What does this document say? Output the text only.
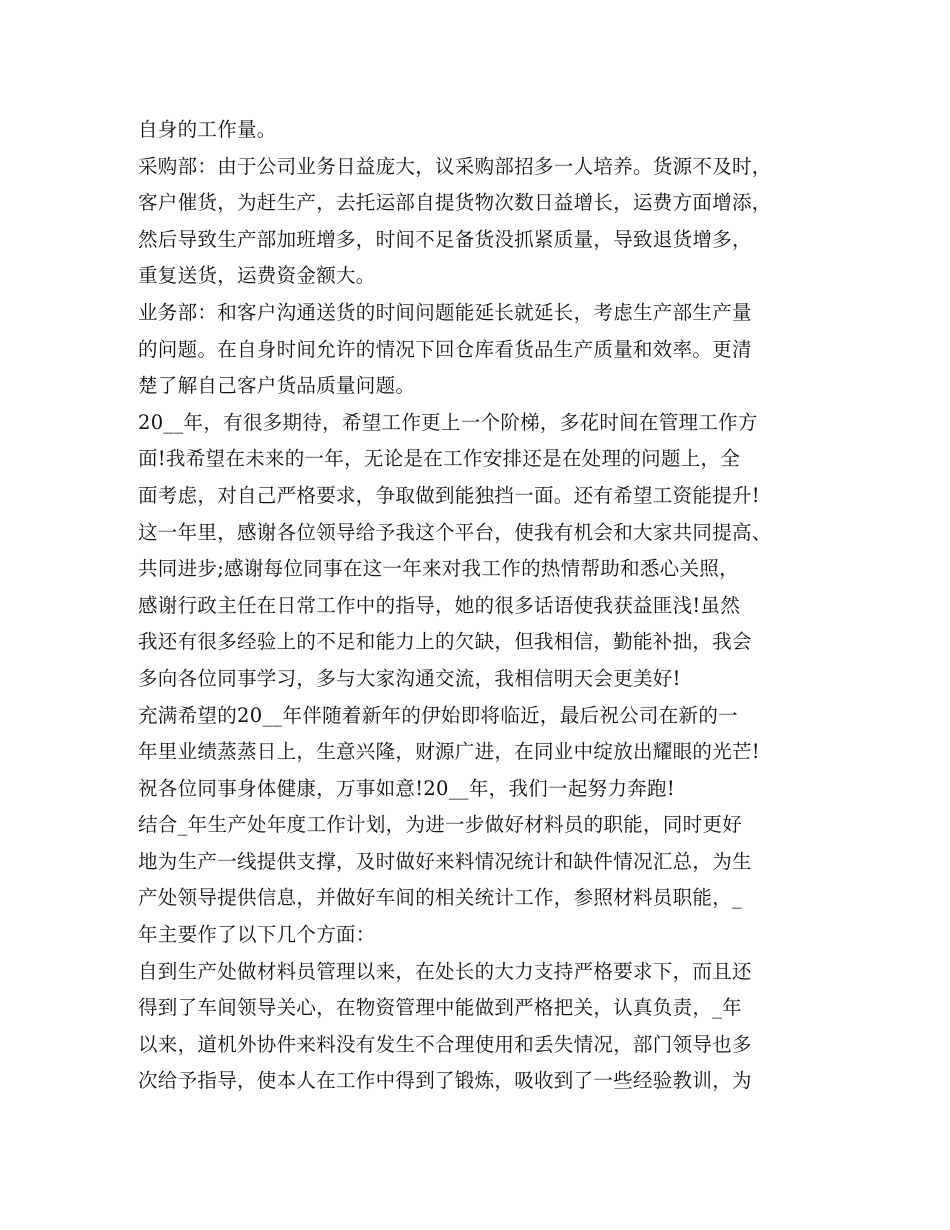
自身的工作量。
采购部：由于公司业务日益庞大，议采购部招多一人培养。货源不及时，
客户催货，为赶生产，去托运部自提货物次数日益增长，运费方面增添，
然后导致生产部加班增多，时间不足备货没抓紧质量，导致退货增多，
重复送货，运费资金额大。
业务部：和客户沟通送货的时间问题能延长就延长，考虑生产部生产量
的问题。在自身时间允许的情况下回仓库看货品生产质量和效率。更清
楚了解自己客户货品质量问题。
20__年，有很多期待，希望工作更上一个阶梯，多花时间在管理工作方
面!我希望在未来的一年，无论是在工作安排还是在处理的问题上，全
面考虑，对自己严格要求，争取做到能独挡一面。还有希望工资能提升!
这一年里，感谢各位领导给予我这个平台，使我有机会和大家共同提高、
共同进步;感谢每位同事在这一年来对我工作的热情帮助和悉心关照，
感谢行政主任在日常工作中的指导，她的很多话语使我获益匪浅!虽然
我还有很多经验上的不足和能力上的欠缺，但我相信，勤能补拙，我会
多向各位同事学习，多与大家沟通交流，我相信明天会更美好!
充满希望的20__年伴随着新年的伊始即将临近，最后祝公司在新的一
年里业绩蒸蒸日上，生意兴隆，财源广进，在同业中绽放出耀眼的光芒!
祝各位同事身体健康，万事如意!20__年，我们一起努力奔跑!
结合_年生产处年度工作计划，为进一步做好材料员的职能，同时更好
地为生产一线提供支撑，及时做好来料情况统计和缺件情况汇总，为生
产处领导提供信息，并做好车间的相关统计工作，参照材料员职能，_
年主要作了以下几个方面：
自到生产处做材料员管理以来，在处长的大力支持严格要求下，而且还
得到了车间领导关心，在物资管理中能做到严格把关，认真负责，_年
以来，道机外协件来料没有发生不合理使用和丢失情况，部门领导也多
次给予指导，使本人在工作中得到了锻炼，吸收到了一些经验教训，为
